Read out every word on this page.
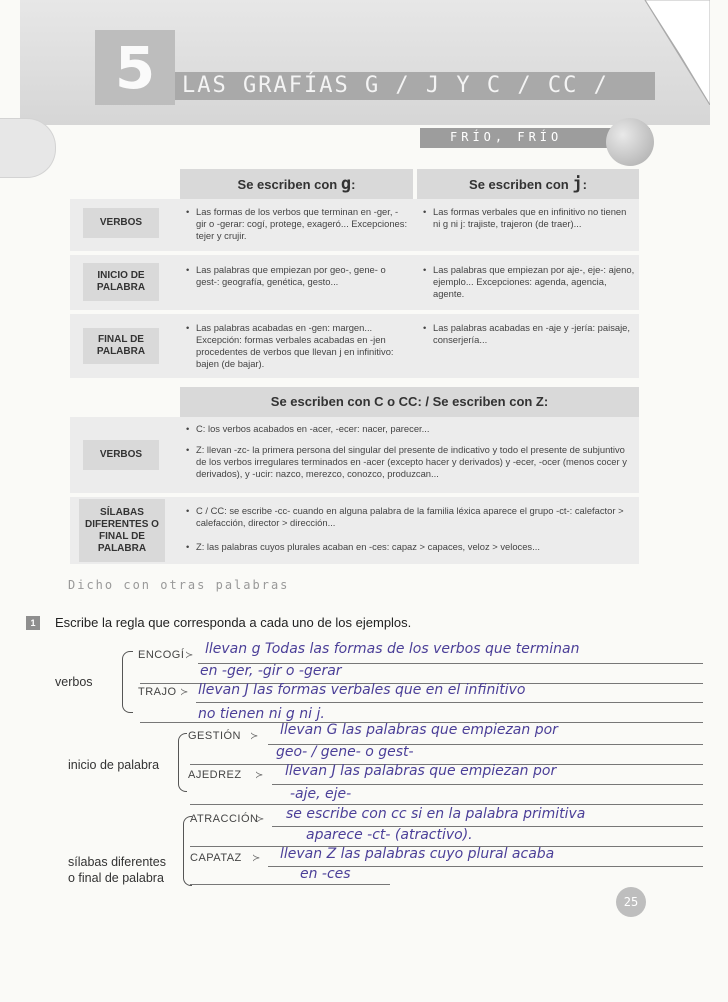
5 LAS GRAFÍAS G / J Y C / CC /
FRÍO, FRÍO
Se escriben con g:	Se escriben con j:
VERBOS
• Las formas de los verbos que terminan en -ger, -gir o -gerar: cogí, protege, exageró... Excepciones: tejer y crujir.
• Las formas verbales que en infinitivo no tienen ni g ni j: trajiste, trajeron (de traer)...
INICIO DE PALABRA
• Las palabras que empiezan por geo-, gene- o gest-: geografía, genética, gesto...
• Las palabras que empiezan por aje-, eje-: ajeno, ejemplo... Excepciones: agenda, agencia, agente.
FINAL DE PALABRA
• Las palabras acabadas en -gen: margen... Excepción: formas verbales acabadas en -jen procedentes de verbos que llevan j en infinitivo: bajen (de bajar).
• Las palabras acabadas en -aje y -jería: paisaje, conserjería...
Se escriben con C o CC: / Se escriben con Z:
VERBOS
• C: los verbos acabados en -acer, -ecer: nacer, parecer...
• Z: llevan -zc- la primera persona del singular del presente de indicativo y todo el presente de subjuntivo de los verbos irregulares terminados en -acer (excepto hacer y derivados) y -ecer, -ocer (menos cocer y derivados), y -ucir: nazco, merezco, conozco, produzcan...
SÍLABAS DIFERENTES O FINAL DE PALABRA
• C / CC: se escribe -cc- cuando en alguna palabra de la familia léxica aparece el grupo -ct-: calefactor > calefacción, director > dirección...
• Z: las palabras cuyos plurales acaban en -ces: capaz > capaces, veloz > veloces...
Dicho con otras palabras
1	Escribe la regla que corresponda a cada uno de los ejemplos.
verbos
ENCOGÍ ≻ llevan g Todas las formas de los verbos que terminan
en -ger, -gir o -gerar
TRAJO ≻ llevan J las formas verbales que en el infinitivo
no tienen ni g ni j.
inicio de palabra
GESTIÓN ≻ llevan G las palabras que empiezan por
geo- / gene- o gest-
AJEDREZ ≻ llevan J las palabras que empiezan por
-aje, eje-
sílabas diferentes
o final de palabra
ATRACCIÓN
≻ se escribe con cc si en la palabra primitiva
aparece -ct- (atractivo).
CAPATAZ ≻ llevan Z las palabras cuyo plural acaba
en -ces
25
